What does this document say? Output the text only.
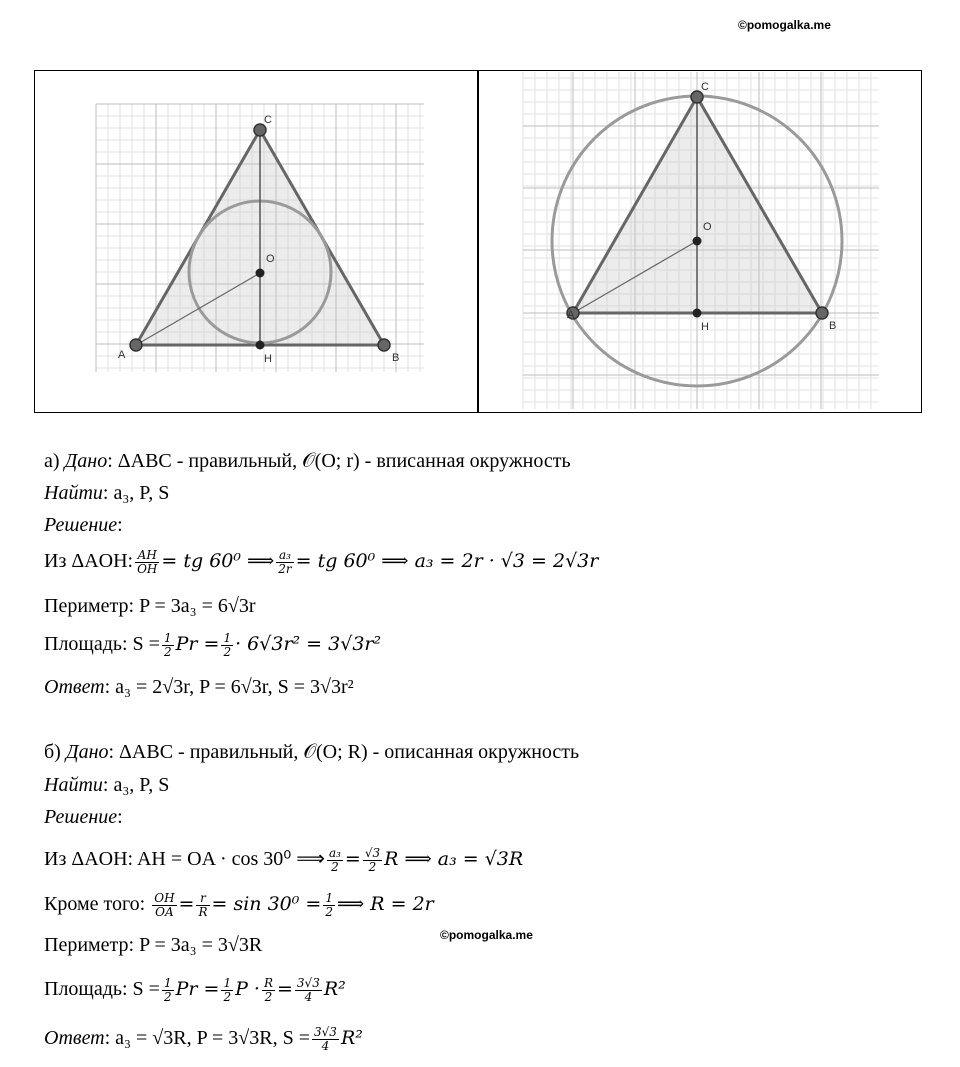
©pomogalka.me
A	B
C
O
H
A
B
C
O
H
а) Дано: ΔABC - правильный, 𝒪(O; r) - вписанная окружность
Найти: a₃, P, S
Решение:
Из ΔAOH: $\frac{AH}{OH}$ = tg 60⁰ ⟹ $\frac{\text{a₃}}{2r}$ = tg 60⁰ ⟹ a₃ = 2r · √3 = 2√3r
Периметр: P = 3a₃ = 6√3r
Площадь: $S = \frac{1}{2}$ $Pr = \frac{1}{2} \cdot 6√3r^2 = 3√3r^2$
Ответ: a₃ = 2√3r, P = 6√3r, S = 3√3r²
б) Дано: ΔABC - правильный, 𝒪(O; R) - описанная окружность
Найти: a₃, P, S
Решение:
Из ΔAOH: AH = OA · cos 30⁰ ⟹ $\frac{\text{a₃}}{2} = \frac{√3}{2}$ R ⟹ a₃ = √3R
Кроме того: $\frac{OH}{OA} = \frac{r}{R} = \sin 30^0 = \frac{1}{2}$ ⟹ R = 2r
©pomogalka.me
Периметр: P = 3a₃ = 3√3R
Площадь: $S = \frac{1}{2}$ $Pr = \frac{1}{2}$ $P \cdot \frac{R}{2} = \frac{3√3}{4} R^2$
Ответ: a₃ = √3R, P = 3√3R, $S = \frac{3√3}{4} R^2$
